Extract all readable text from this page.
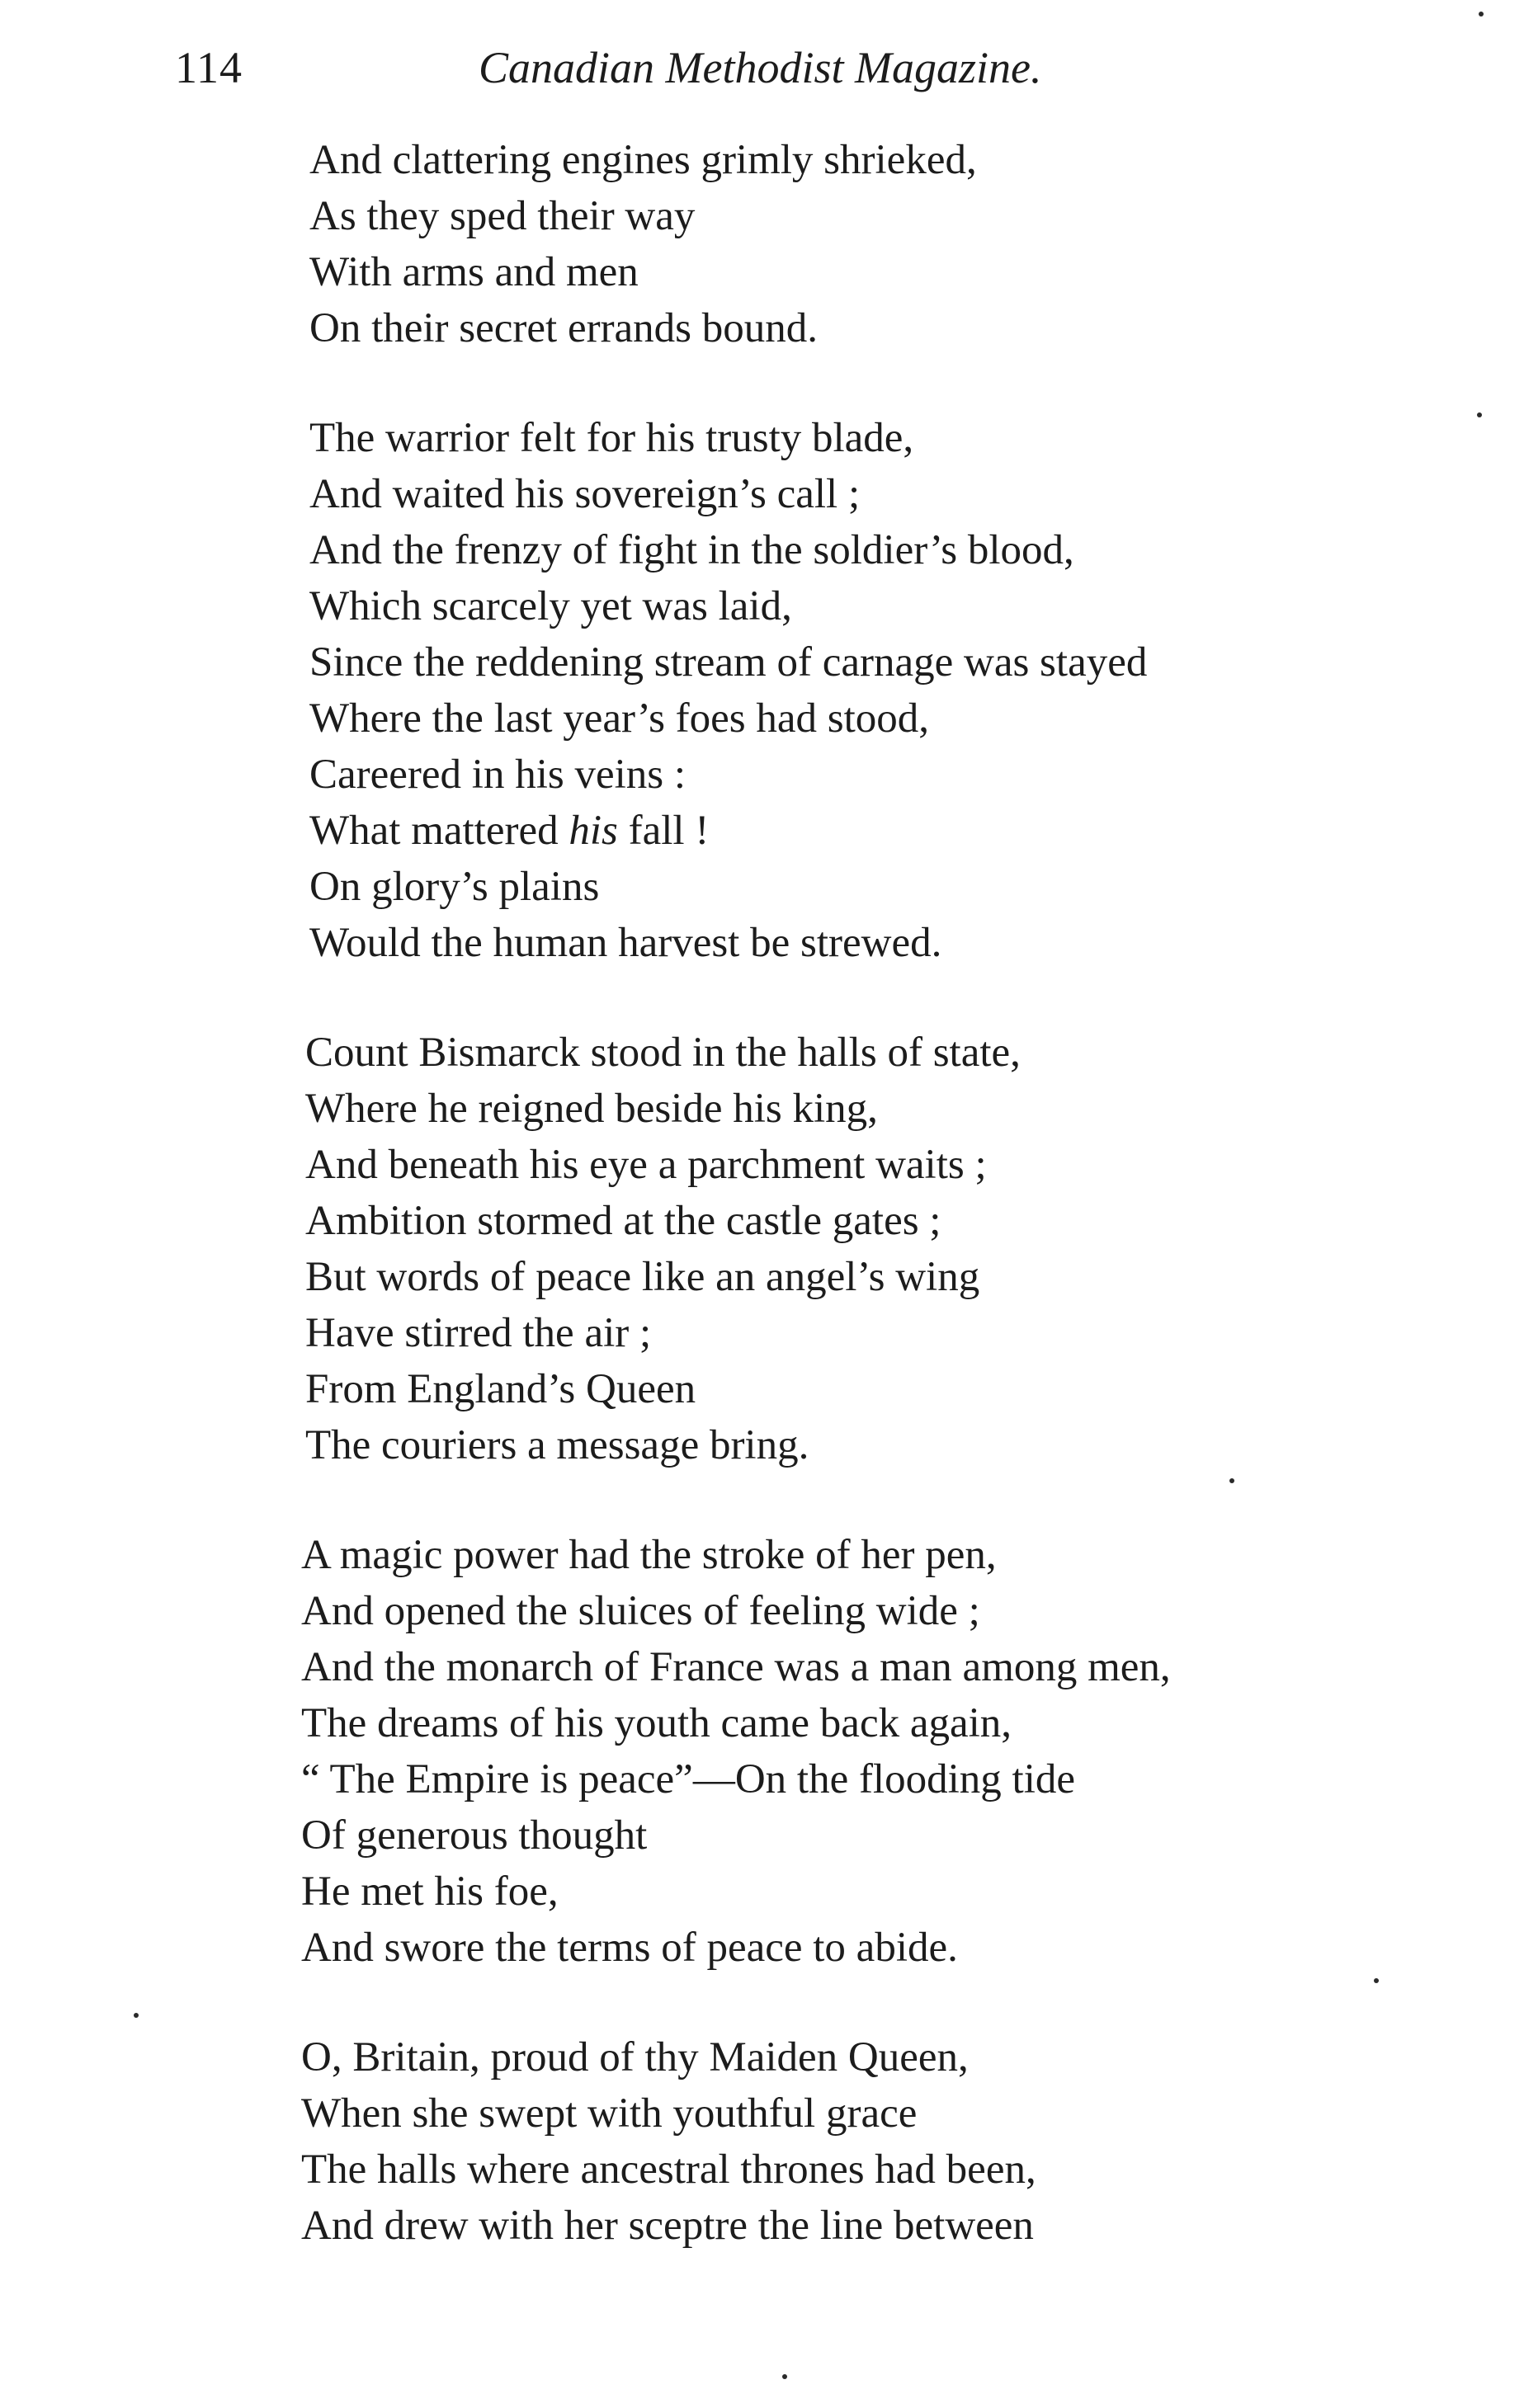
114	Canadian Methodist Magazine.
And clattering engines grimly shrieked,
As they sped their way
With arms and men
On their secret errands bound.
The warrior felt for his trusty blade,
And waited his sovereign’s call ;
And the frenzy of fight in the soldier’s blood,
Which scarcely yet was laid,
Since the reddening stream of carnage was stayed
Where the last year’s foes had stood,
Careered in his veins :
What mattered his fall !
On glory’s plains
Would the human harvest be strewed.
Count Bismarck stood in the halls of state,
Where he reigned beside his king,
And beneath his eye a parchment waits ;
Ambition stormed at the castle gates ;
But words of peace like an angel’s wing
Have stirred the air ;
From England’s Queen
The couriers a message bring.
A magic power had the stroke of her pen,
And opened the sluices of feeling wide ;
And the monarch of France was a man among men,
The dreams of his youth came back again,
“ The Empire is peace”—On the flooding tide
Of generous thought
He met his foe,
And swore the terms of peace to abide.
O, Britain, proud of thy Maiden Queen,
When she swept with youthful grace
The halls where ancestral thrones had been,
And drew with her sceptre the line between
